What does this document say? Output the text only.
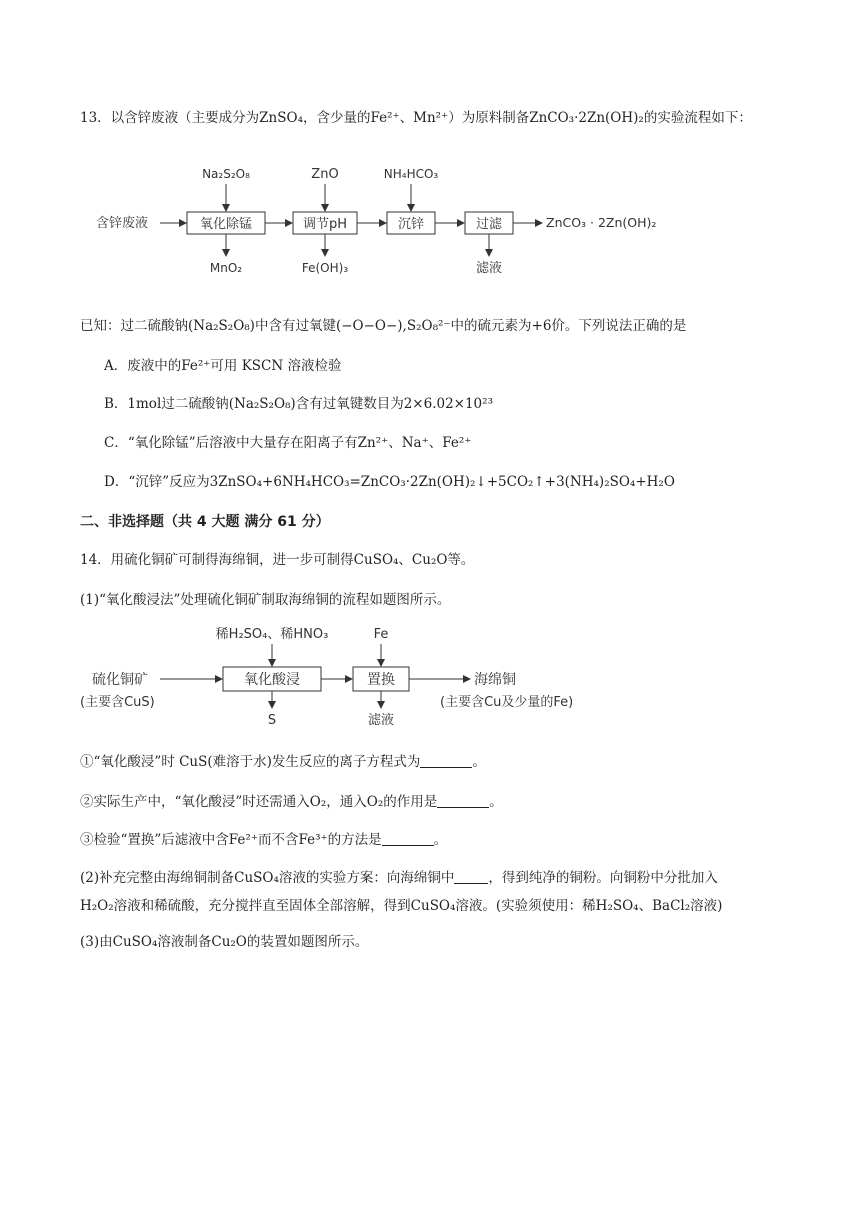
13．以含锌废液（主要成分为ZnSO₄，含少量的Fe²⁺、Mn²⁺）为原料制备ZnCO₃·2Zn(OH)₂的实验流程如下：
含锌废液	氧化除锰	调节pH	沉锌	过滤	ZnCO₃ · 2Zn(OH)₂
Na₂S₂O₈	ZnO	NH₄HCO₃
MnO₂	Fe(OH)₃	滤液
已知：过二硫酸钠(Na₂S₂O₈)中含有过氧键(−O−O−),S₂O₈²⁻中的硫元素为+6价。下列说法正确的是
A．废液中的Fe²⁺可用 KSCN 溶液检验
B．1mol过二硫酸钠(Na₂S₂O₈)含有过氧键数目为2×6.02×10²³
C．“氧化除锰”后溶液中大量存在阳离子有Zn²⁺、Na⁺、Fe²⁺
D．“沉锌”反应为3ZnSO₄+6NH₄HCO₃=ZnCO₃·2Zn(OH)₂↓+5CO₂↑+3(NH₄)₂SO₄+H₂O
二、非选择题（共 4 大题 满分 61 分）
14．用硫化铜矿可制得海绵铜，进一步可制得CuSO₄、Cu₂O等。
(1)“氧化酸浸法”处理硫化铜矿制取海绵铜的流程如题图所示。
硫化铜矿
(主要含CuS)
氧化酸浸	置换	海绵铜
(主要含Cu及少量的Fe)
稀H₂SO₄、稀HNO₃	Fe
S	滤液
①“氧化酸浸”时 CuS(难溶于水)发生反应的离子方程式为	。
②实际生产中，“氧化酸浸”时还需通入O₂，通入O₂的作用是	。
③检验“置换”后滤液中含Fe²⁺而不含Fe³⁺的方法是	。
(2)补充完整由海绵铜制备CuSO₄溶液的实验方案：向海绵铜中	，得到纯净的铜粉。向铜粉中分批加入
H₂O₂溶液和稀硫酸，充分搅拌直至固体全部溶解，得到CuSO₄溶液。(实验须使用：稀H₂SO₄、BaCl₂溶液)
(3)由CuSO₄溶液制备Cu₂O的装置如题图所示。
